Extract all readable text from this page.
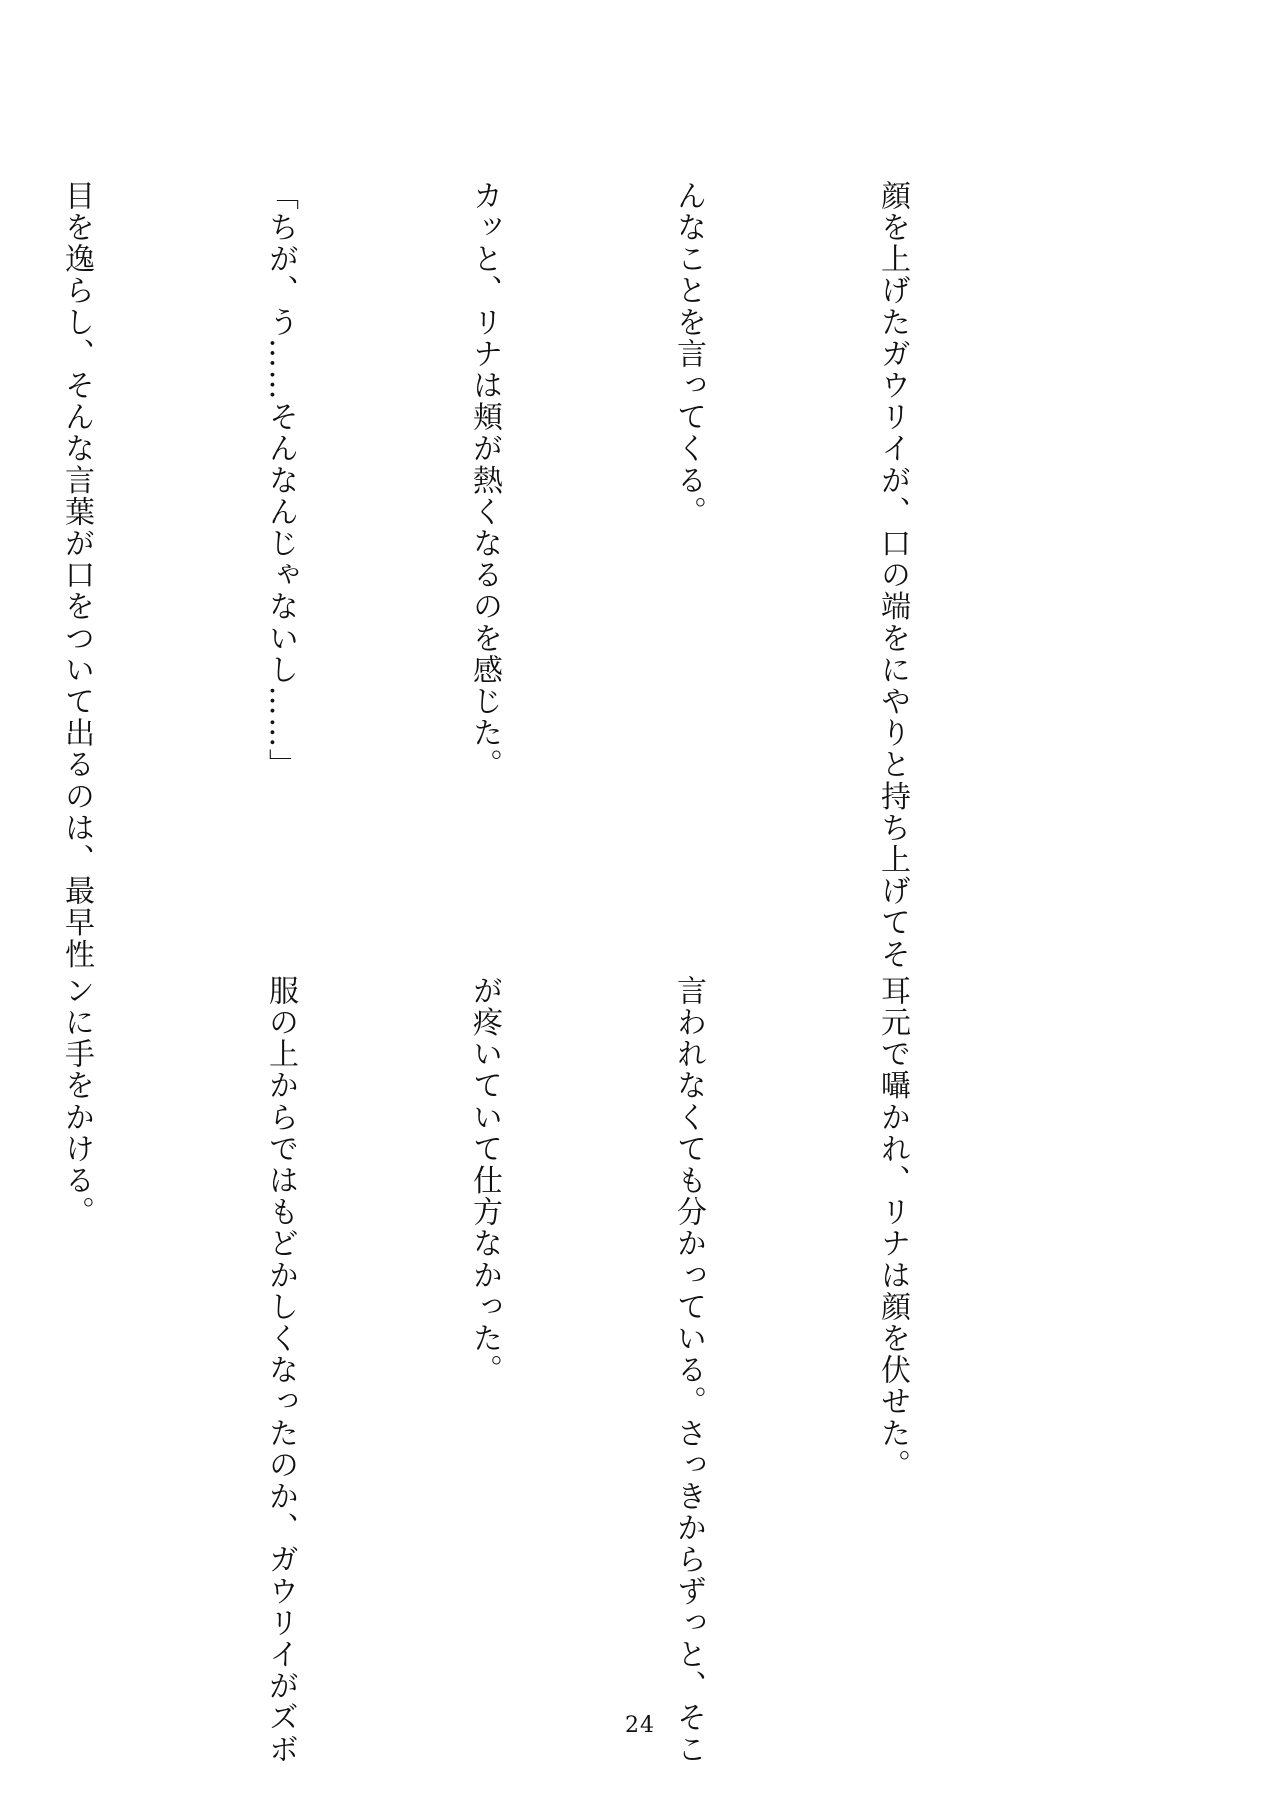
顔を上げたガウリイが、口の端をにやりと持ち上げてそ

んなことを言ってくる。

カッと、リナは頬が熱くなるのを感じた。

「ちが、う……そんなんじゃないし……」

目を逸らし、そんな言葉が口をついて出るのは、最早性

耳元で囁かれ、リナは顔を伏せた。

言われなくても分かっている。さっきからずっと、そこ

が疼いていて仕方なかった。

服の上からではもどかしくなったのか、ガウリイがズボ

ンに手をかける。

24
